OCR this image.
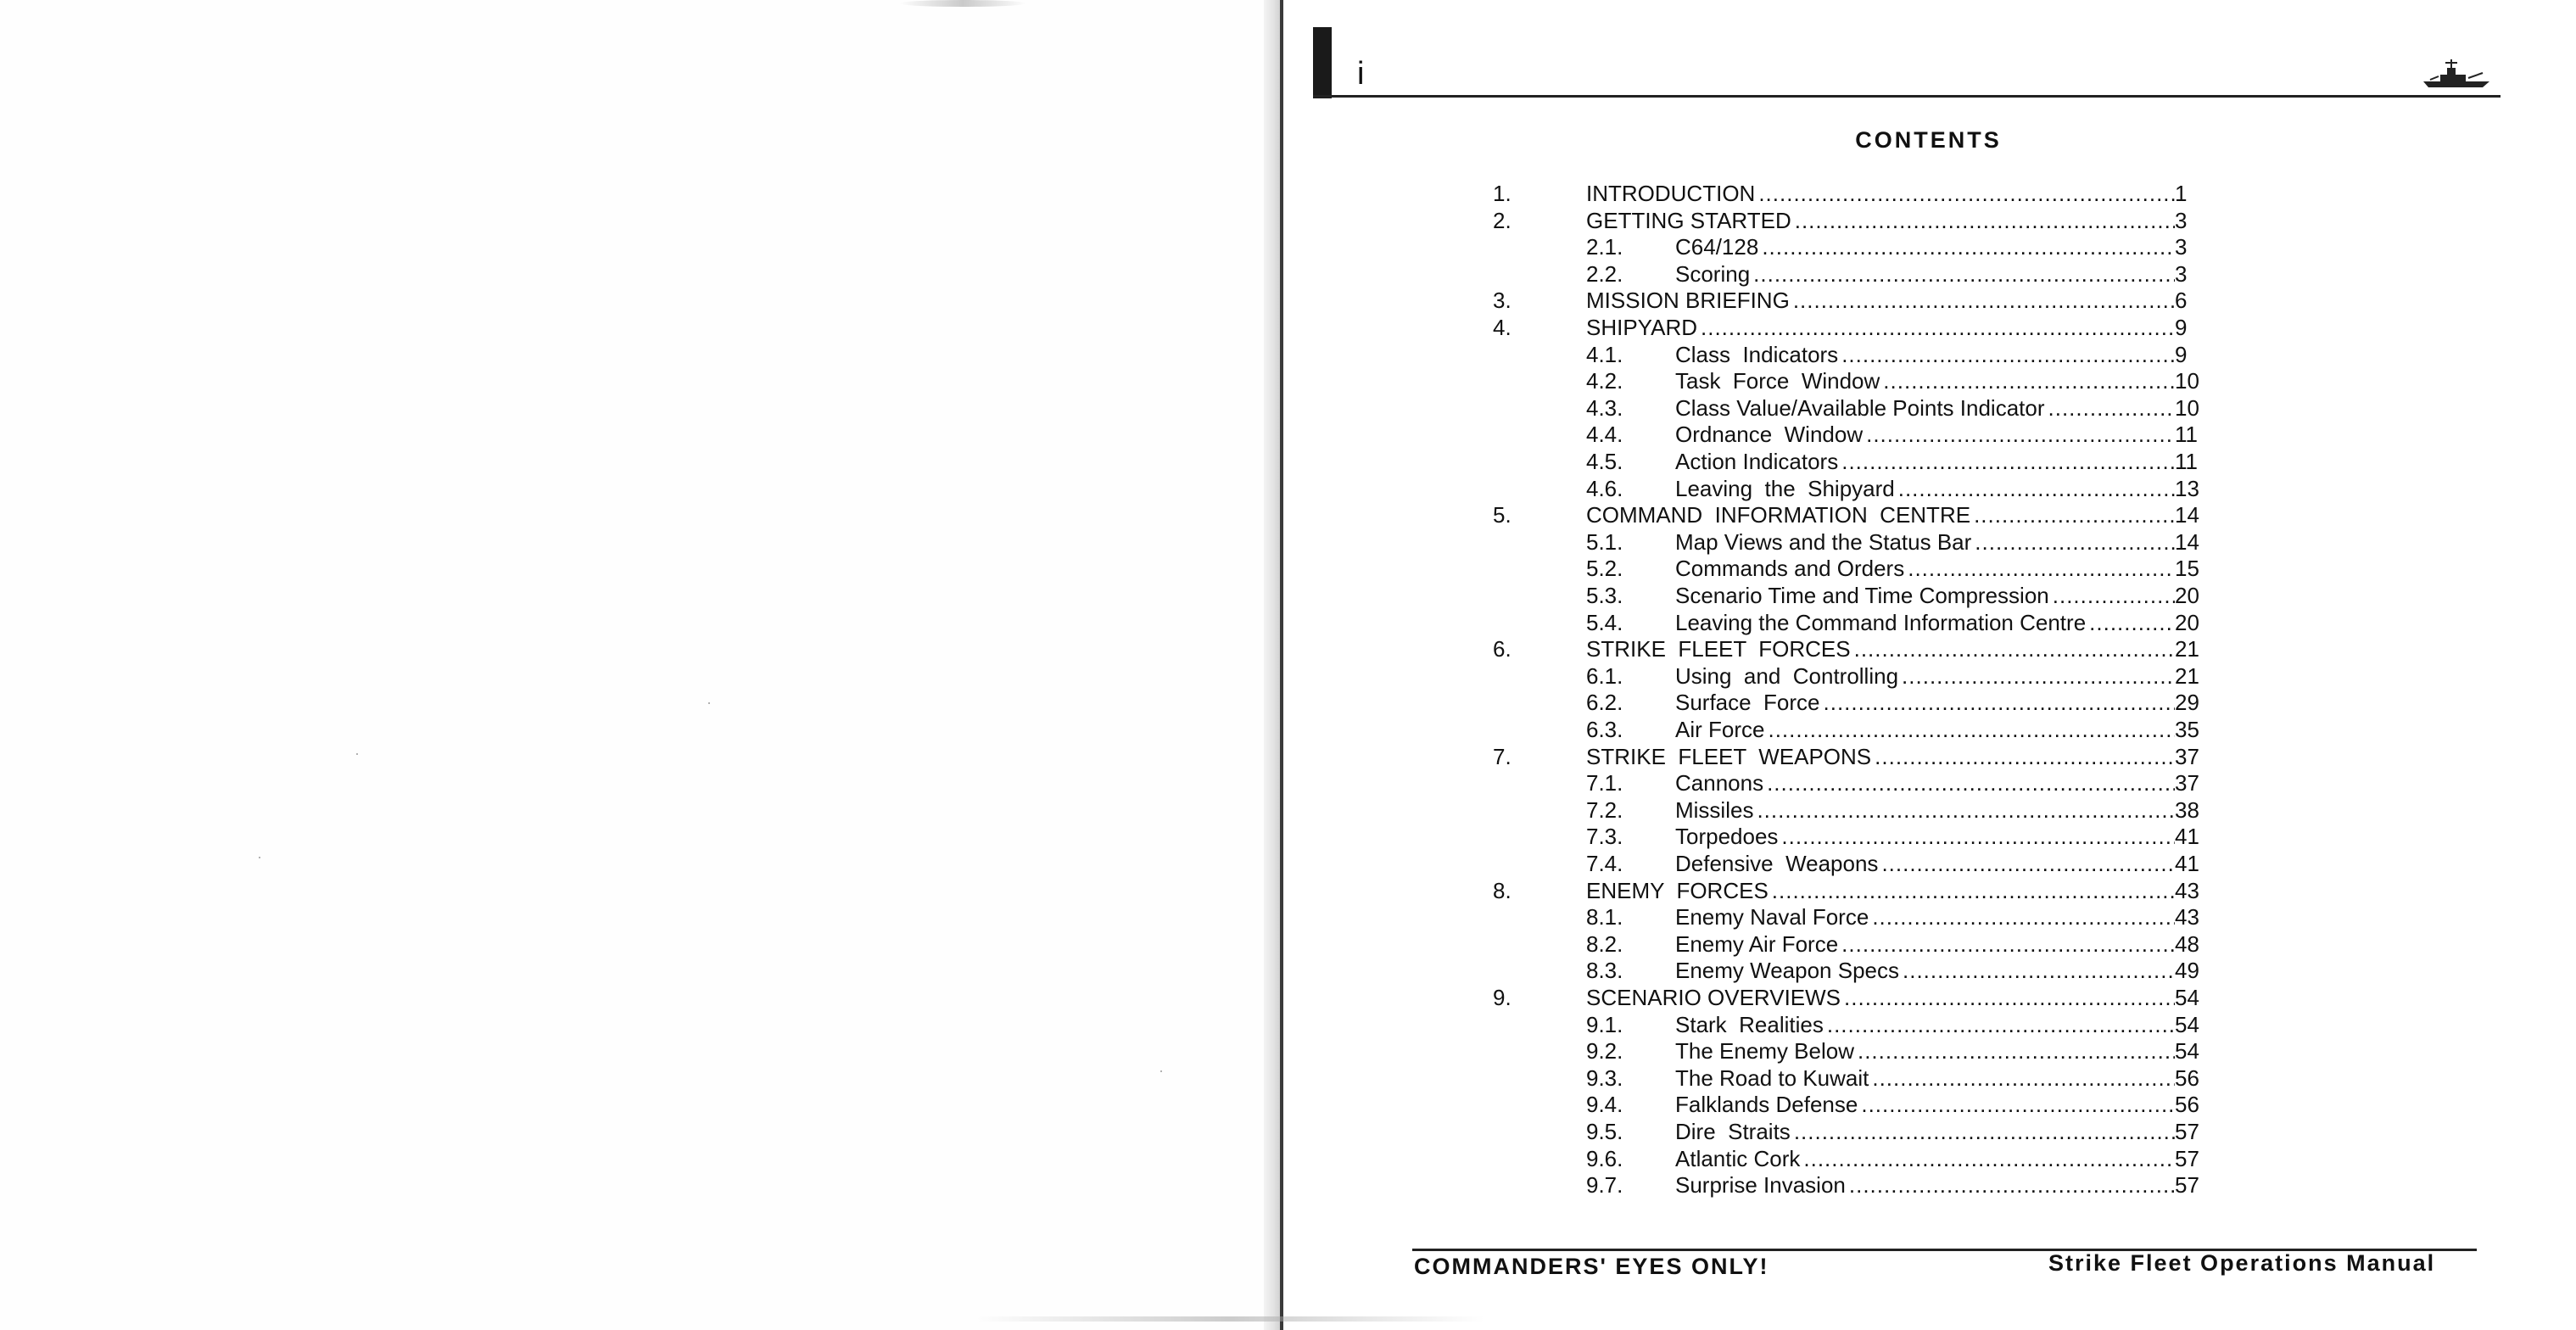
i
CONTENTS
1.	INTRODUCTION .....	1
2.	GETTING STARTED .....	3
2.1. C64/128 .....	3
2.2. Scoring .....	3
3.	MISSION BRIEFING .....	6
4.	SHIPYARD .....	9
4.1. Class  Indicators .....	9
4.2. Task  Force  Window .....	10
4.3. Class Value/Available Points Indicator .....	10
4.4. Ordnance  Window .....	11
4.5. Action Indicators .....	11
4.6. Leaving  the  Shipyard .....	13
5.	COMMAND  INFORMATION  CENTRE .....	14
5.1. Map Views and the Status Bar .....	14
5.2. Commands and Orders .....	15
5.3. Scenario Time and Time Compression .....	20
5.4. Leaving the Command Information Centre .....	20
6.	STRIKE  FLEET  FORCES .....	21
6.1. Using  and  Controlling .....	21
6.2. Surface  Force .....	29
6.3. Air Force .....	35
7.	STRIKE  FLEET  WEAPONS .....	37
7.1. Cannons .....	37
7.2. Missiles .....	38
7.3. Torpedoes .....	41
7.4. Defensive  Weapons .....	41
8.	ENEMY  FORCES .....	43
8.1. Enemy Naval Force .....	43
8.2. Enemy Air Force .....	48
8.3. Enemy Weapon Specs .....	49
9.	SCENARIO OVERVIEWS .....	54
9.1. Stark  Realities .....	54
9.2. The Enemy Below .....	54
9.3. The Road to Kuwait .....	56
9.4. Falklands Defense .....	56
9.5. Dire  Straits .....	57
9.6. Atlantic Cork .....	57
9.7. Surprise Invasion .....	57
COMMANDERS' EYES ONLY!	Strike Fleet Operations Manual
